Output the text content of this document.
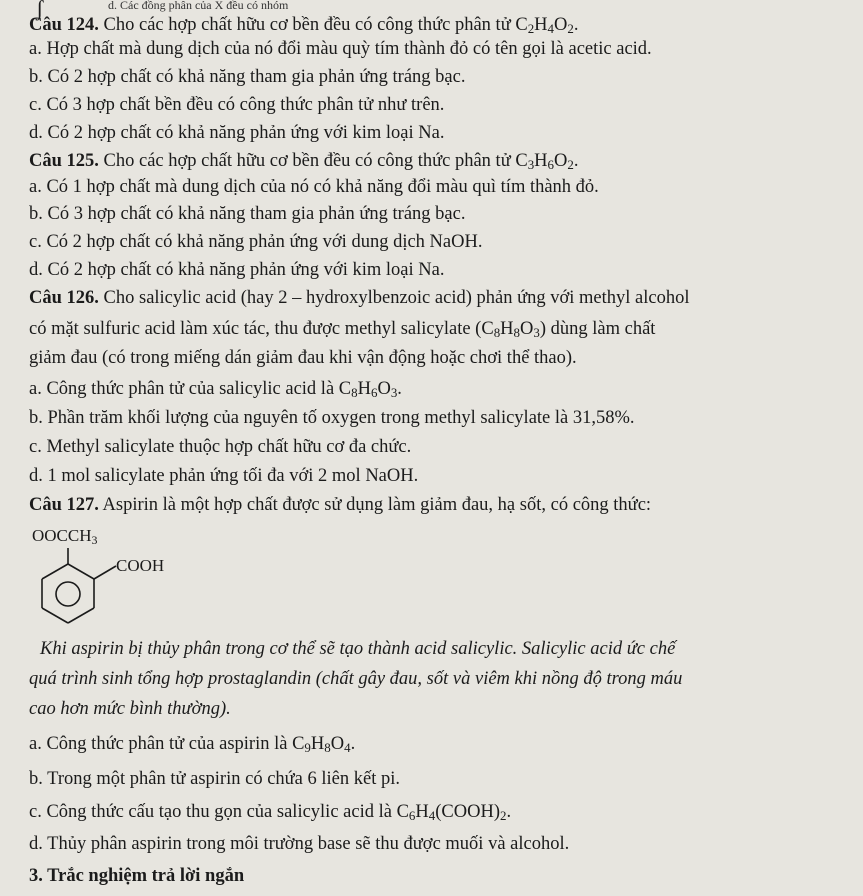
ʃ	d. Các đồng phân của X đều có nhóm
Câu 124. Cho các hợp chất hữu cơ bền đều có công thức phân tử $C_2H_4O_2$.
a. Hợp chất mà dung dịch của nó đổi màu quỳ tím thành đỏ có tên gọi là acetic acid.
b. Có 2 hợp chất có khả năng tham gia phản ứng tráng bạc.
c. Có 3 hợp chất bền đều có công thức phân tử như trên.
d. Có 2 hợp chất có khả năng phản ứng với kim loại Na.
Câu 125. Cho các hợp chất hữu cơ bền đều có công thức phân tử $C_3H_6O_2$.
a. Có 1 hợp chất mà dung dịch của nó có khả năng đổi màu quì tím thành đỏ.
b. Có 3 hợp chất có khả năng tham gia phản ứng tráng bạc.
c. Có 2 hợp chất có khả năng phản ứng với dung dịch NaOH.
d. Có 2 hợp chất có khả năng phản ứng với kim loại Na.
Câu 126. Cho salicylic acid (hay 2 – hydroxylbenzoic acid) phản ứng với methyl alcohol
có mặt sulfuric acid làm xúc tác, thu được methyl salicylate $(C_8H_8O_3)$ dùng làm chất
giảm đau (có trong miếng dán giảm đau khi vận động hoặc chơi thể thao).
a. Công thức phân tử của salicylic acid là $C_8H_6O_3$.
b. Phần trăm khối lượng của nguyên tố oxygen trong methyl salicylate là 31,58%.
c. Methyl salicylate thuộc hợp chất hữu cơ đa chức.
d. 1 mol salicylate phản ứng tối đa với 2 mol NaOH.
Câu 127. Aspirin là một hợp chất được sử dụng làm giảm đau, hạ sốt, có công thức:
$OOCCH_3$
COOH
Khi aspirin bị thủy phân trong cơ thể sẽ tạo thành acid salicylic. Salicylic acid ức chế
quá trình sinh tổng hợp prostaglandin (chất gây đau, sốt và viêm khi nồng độ trong máu
cao hơn mức bình thường).
a. Công thức phân tử của aspirin là $C_9H_8O_4$.
b. Trong một phân tử aspirin có chứa 6 liên kết pi.
c. Công thức cấu tạo thu gọn của salicylic acid là $C_6H_4(COOH)_2$.
d. Thủy phân aspirin trong môi trường base sẽ thu được muối và alcohol.
3. Trắc nghiệm trả lời ngắn
